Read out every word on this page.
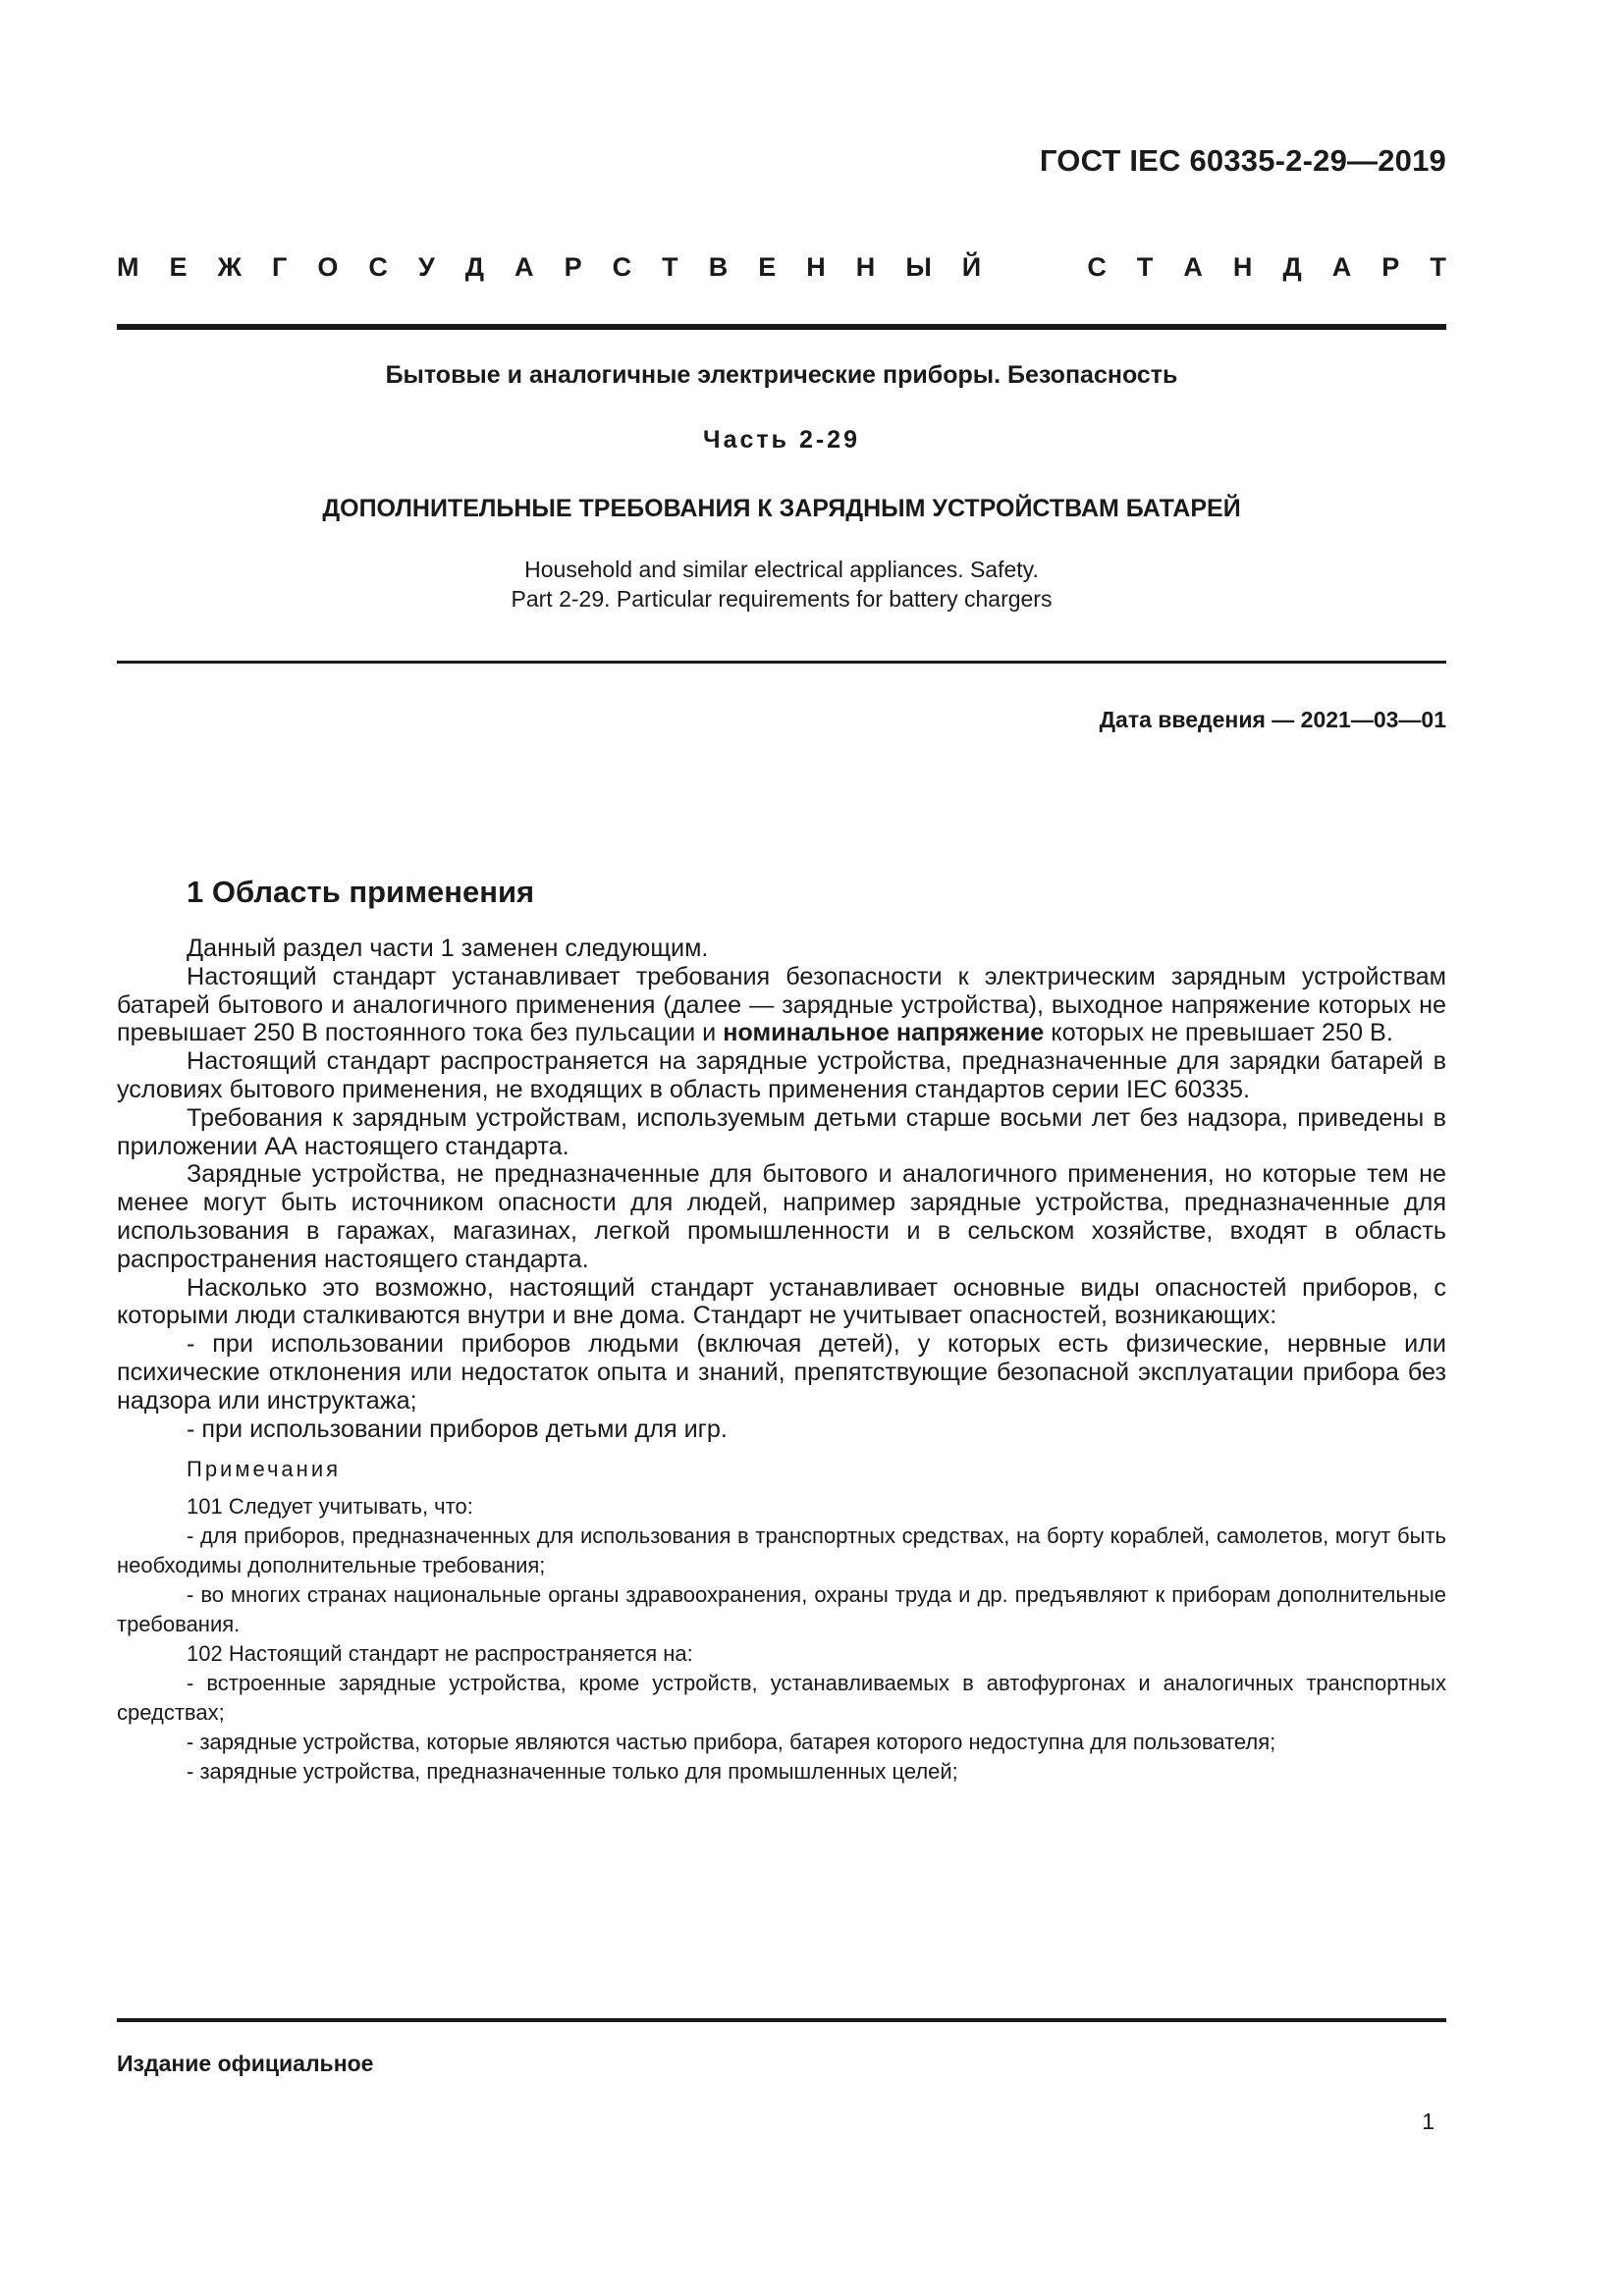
ГОСТ IEC 60335-2-29—2019
М Е Ж Г О С У Д А Р С Т В Е Н Н Ы Й

	С Т А Н Д А Р Т
Бытовые и аналогичные электрические приборы. Безопасность
Часть 2-29
ДОПОЛНИТЕЛЬНЫЕ ТРЕБОВАНИЯ К ЗАРЯДНЫМ УСТРОЙСТВАМ БАТАРЕЙ
Household and similar electrical appliances. Safety.
Part 2-29. Particular requirements for battery chargers
Дата введения — 2021—03—01
1 Область применения

Данный раздел части 1 заменен следующим.

Настоящий стандарт устанавливает требования безопасности к электрическим зарядным устройствам батарей бытового и аналогичного применения (далее — зарядные устройства), выходное напряжение которых не превышает 250 В постоянного тока без пульсации и номинальное напряжение которых не превышает 250 В.

Настоящий стандарт распространяется на зарядные устройства, предназначенные для зарядки батарей в условиях бытового применения, не входящих в область применения стандартов серии IEC 60335.

Требования к зарядным устройствам, используемым детьми старше восьми лет без надзора, приведены в приложении АА настоящего стандарта.

Зарядные устройства, не предназначенные для бытового и аналогичного применения, но которые тем не менее могут быть источником опасности для людей, например зарядные устройства, предназначенные для использования в гаражах, магазинах, легкой промышленности и в сельском хозяйстве, входят в область распространения настоящего стандарта.

Насколько это возможно, настоящий стандарт устанавливает основные виды опасностей приборов, с которыми люди сталкиваются внутри и вне дома. Стандарт не учитывает опасностей, возникающих:

- при использовании приборов людьми (включая детей), у которых есть физические, нервные или психические отклонения или недостаток опыта и знаний, препятствующие безопасной эксплуатации прибора без надзора или инструктажа;

- при использовании приборов детьми для игр.

Примечания

101 Следует учитывать, что:

- для приборов, предназначенных для использования в транспортных средствах, на борту кораблей, самолетов, могут быть необходимы дополнительные требования;

- во многих странах национальные органы здравоохранения, охраны труда и др. предъявляют к приборам дополнительные требования.

102 Настоящий стандарт не распространяется на:

- встроенные зарядные устройства, кроме устройств, устанавливаемых в автофургонах и аналогичных транспортных средствах;

- зарядные устройства, которые являются частью прибора, батарея которого недоступна для пользователя;

- зарядные устройства, предназначенные только для промышленных целей;

Издание официальное
1
